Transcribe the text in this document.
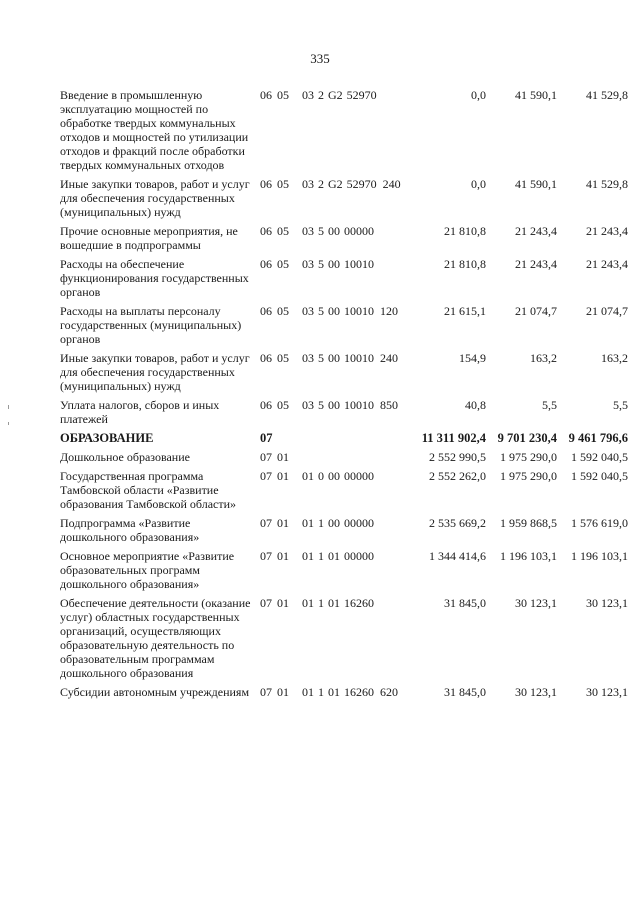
335
Введение в промышленную эксплуатацию мощностей по обработке твердых коммунальных отходов и мощностей по утилизации отходов и фракций после обработки твердых коммунальных отходов	06 05	03 2 G2 52970	0,0	41 590,1	41 529,8
Иные закупки товаров, работ и услуг для обеспечения государственных (муниципальных) нужд	06 05	03 2 G2 52970 240	0,0	41 590,1	41 529,8
Прочие основные мероприятия, не вошедшие в подпрограммы	06 05	03 5 00 00000	21 810,8	21 243,4	21 243,4
Расходы на обеспечение функционирования государственных органов	06 05	03 5 00 10010	21 810,8	21 243,4	21 243,4
Расходы на выплаты персоналу государственных (муниципальных) органов	06 05	03 5 00 10010 120	21 615,1	21 074,7	21 074,7
Иные закупки товаров, работ и услуг для обеспечения государственных (муниципальных) нужд	06 05	03 5 00 10010 240	154,9	163,2	163,2
Уплата налогов, сборов и иных платежей	06 05	03 5 00 10010 850	40,8	5,5	5,5
ОБРАЗОВАНИЕ	07		11 311 902,4	9 701 230,4	9 461 796,6
Дошкольное образование	07 01		2 552 990,5	1 975 290,0	1 592 040,5
Государственная программа Тамбовской области «Развитие образования Тамбовской области»	07 01	01 0 00 00000	2 552 262,0	1 975 290,0	1 592 040,5
Подпрограмма «Развитие дошкольного образования»	07 01	01 1 00 00000	2 535 669,2	1 959 868,5	1 576 619,0
Основное мероприятие «Развитие образовательных программ дошкольного образования»	07 01	01 1 01 00000	1 344 414,6	1 196 103,1	1 196 103,1
Обеспечение деятельности (оказание услуг) областных государственных организаций, осуществляющих образовательную деятельность по образовательным программам дошкольного образования	07 01	01 1 01 16260	31 845,0	30 123,1	30 123,1
Субсидии автономным учреждениям	07 01	01 1 01 16260 620	31 845,0	30 123,1	30 123,1
